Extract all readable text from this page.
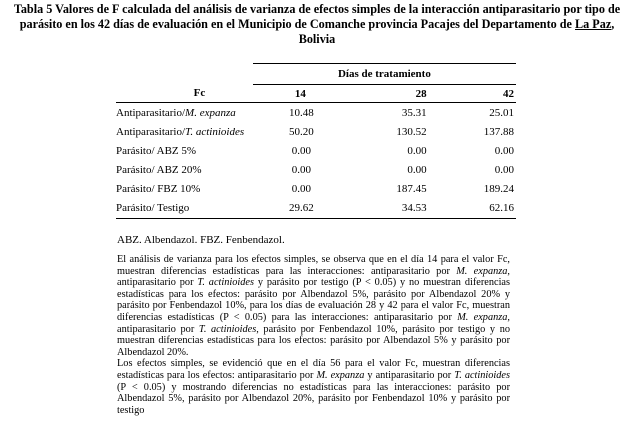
Tabla 5 Valores de F calculada del análisis de varianza de efectos simples de la interacción antiparasitario por tipo de parásito en los 42 días de evaluación en el Municipio de Comanche provincia Pacajes del Departamento de La Paz, Bolivia
	Días de tratamiento		
Fc	14	28	42
Antiparasitario/M. expanza	10.48	35.31	25.01
Antiparasitario/T. actinioides	50.20	130.52	137.88
Parásito/ ABZ 5%	0.00	0.00	0.00
Parásito/ ABZ 20%	0.00	0.00	0.00
Parásito/ FBZ 10%	0.00	187.45	189.24
Parásito/ Testigo	29.62	34.53	62.16
ABZ. Albendazol. FBZ. Fenbendazol.

El análisis de varianza para los efectos simples, se observa que en el día 14 para el valor Fc, muestran diferencias estadísticas para las interacciones: antiparasitario por M. expanza, antiparasitario por T. actinioides y parásito por testigo (P < 0.05) y no muestran diferencias estadísticas para los efectos: parásito por Albendazol 5%, parásito por Albendazol 20% y parásito por Fenbendazol 10%, para los días de evaluación 28 y 42 para el valor Fc, muestran diferencias estadísticas (P < 0.05) para las interacciones: antiparasitario por M. expanza, antiparasitario por T. actinioides, parásito por Fenbendazol 10%, parásito por testigo y no muestran diferencias estadísticas para los efectos: parásito por Albendazol 5% y parásito por Albendazol 20%.

Los efectos simples, se evidenció que en el día 56 para el valor Fc, muestran diferencias estadísticas para los efectos: antiparasitario por M. expanza y antiparasitario por T. actinioides (P < 0.05) y mostrando diferencias no estadísticas para las interacciones: parásito por Albendazol 5%, parásito por Albendazol 20%, parásito por Fenbendazol 10% y parásito por testigo
